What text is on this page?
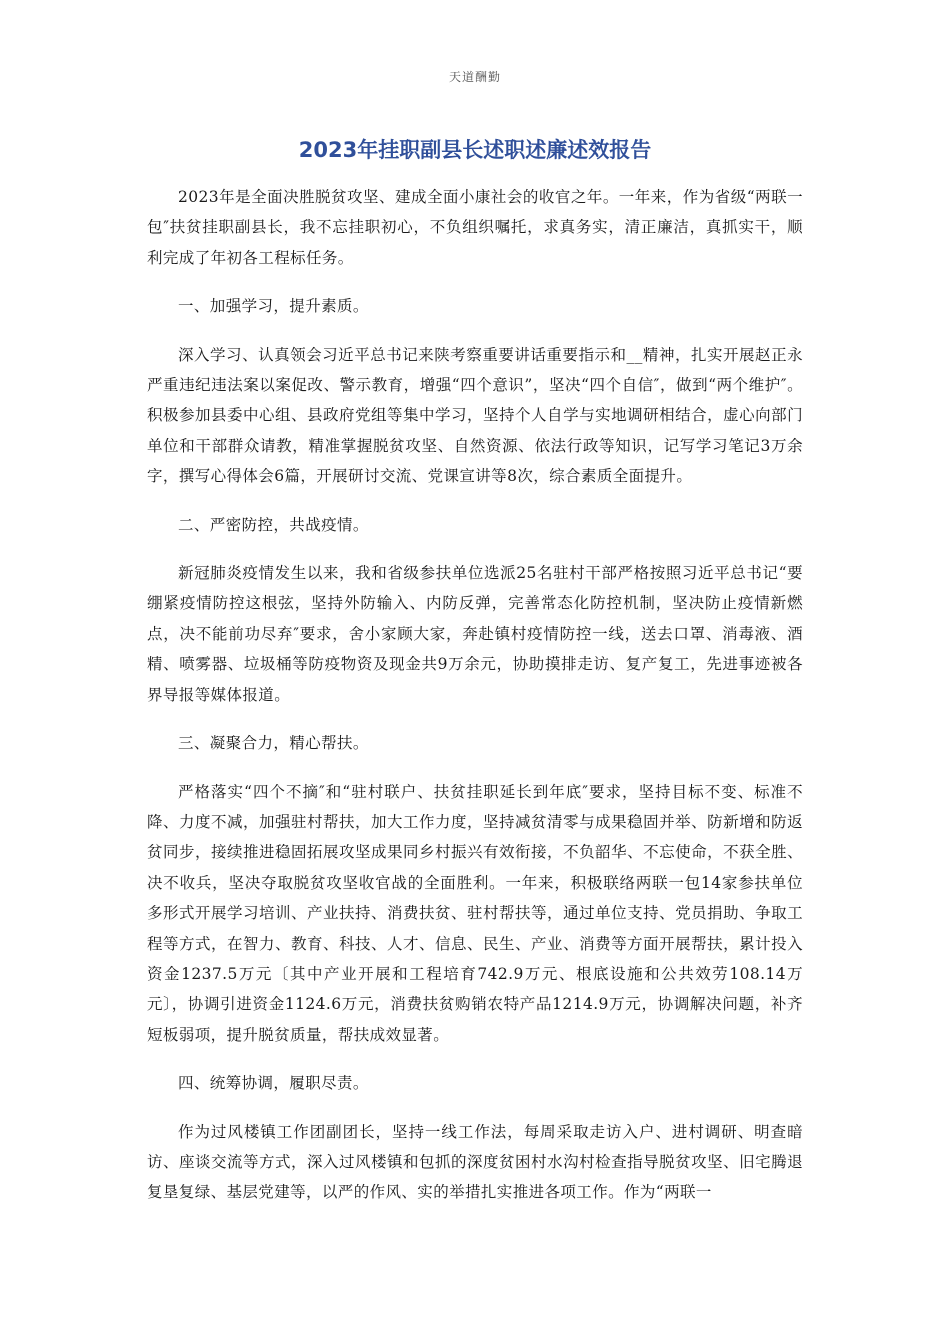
天道酬勤
2023年挂职副县长述职述廉述效报告

2023年是全面决胜脱贫攻坚、建成全面小康社会的收官之年。一年来，作为省级“两联一包″扶贫挂职副县长，我不忘挂职初心，不负组织嘱托，求真务实，清正廉洁，真抓实干，顺利完成了年初各工程标任务。

一、加强学习，提升素质。

深入学习、认真领会习近平总书记来陕考察重要讲话重要指示和__精神，扎实开展赵正永严重违纪违法案以案促改、警示教育，增强“四个意识”，坚决“四个自信″，做到“两个维护″。积极参加县委中心组、县政府党组等集中学习，坚持个人自学与实地调研相结合，虚心向部门单位和干部群众请教，精准掌握脱贫攻坚、自然资源、依法行政等知识，记写学习笔记3万余字，撰写心得体会6篇，开展研讨交流、党课宣讲等8次，综合素质全面提升。

二、严密防控，共战疫情。

新冠肺炎疫情发生以来，我和省级参扶单位选派25名驻村干部严格按照习近平总书记“要绷紧疫情防控这根弦，坚持外防输入、内防反弹，完善常态化防控机制，坚决防止疫情新燃点，决不能前功尽弃″要求，舍小家顾大家，奔赴镇村疫情防控一线，送去口罩、消毒液、酒精、喷雾器、垃圾桶等防疫物资及现金共9万余元，协助摸排走访、复产复工，先进事迹被各界导报等媒体报道。

三、凝聚合力，精心帮扶。

严格落实“四个不摘″和“驻村联户、扶贫挂职延长到年底″要求，坚持目标不变、标准不降、力度不减，加强驻村帮扶，加大工作力度，坚持减贫清零与成果稳固并举、防新增和防返贫同步，接续推进稳固拓展攻坚成果同乡村振兴有效衔接，不负韶华、不忘使命，不获全胜、决不收兵，坚决夺取脱贫攻坚收官战的全面胜利。一年来，积极联络两联一包14家参扶单位多形式开展学习培训、产业扶持、消费扶贫、驻村帮扶等，通过单位支持、党员捐助、争取工程等方式，在智力、教育、科技、人才、信息、民生、产业、消费等方面开展帮扶，累计投入资金1237.5万元〔其中产业开展和工程培育742.9万元、根底设施和公共效劳108.14万元〕，协调引进资金1124.6万元，消费扶贫购销农特产品1214.9万元，协调解决问题，补齐短板弱项，提升脱贫质量，帮扶成效显著。

四、统筹协调，履职尽责。

作为过风楼镇工作团副团长，坚持一线工作法，每周采取走访入户、进村调研、明查暗访、座谈交流等方式，深入过风楼镇和包抓的深度贫困村水沟村检查指导脱贫攻坚、旧宅腾退复垦复绿、基层党建等，以严的作风、实的举措扎实推进各项工作。作为“两联一
